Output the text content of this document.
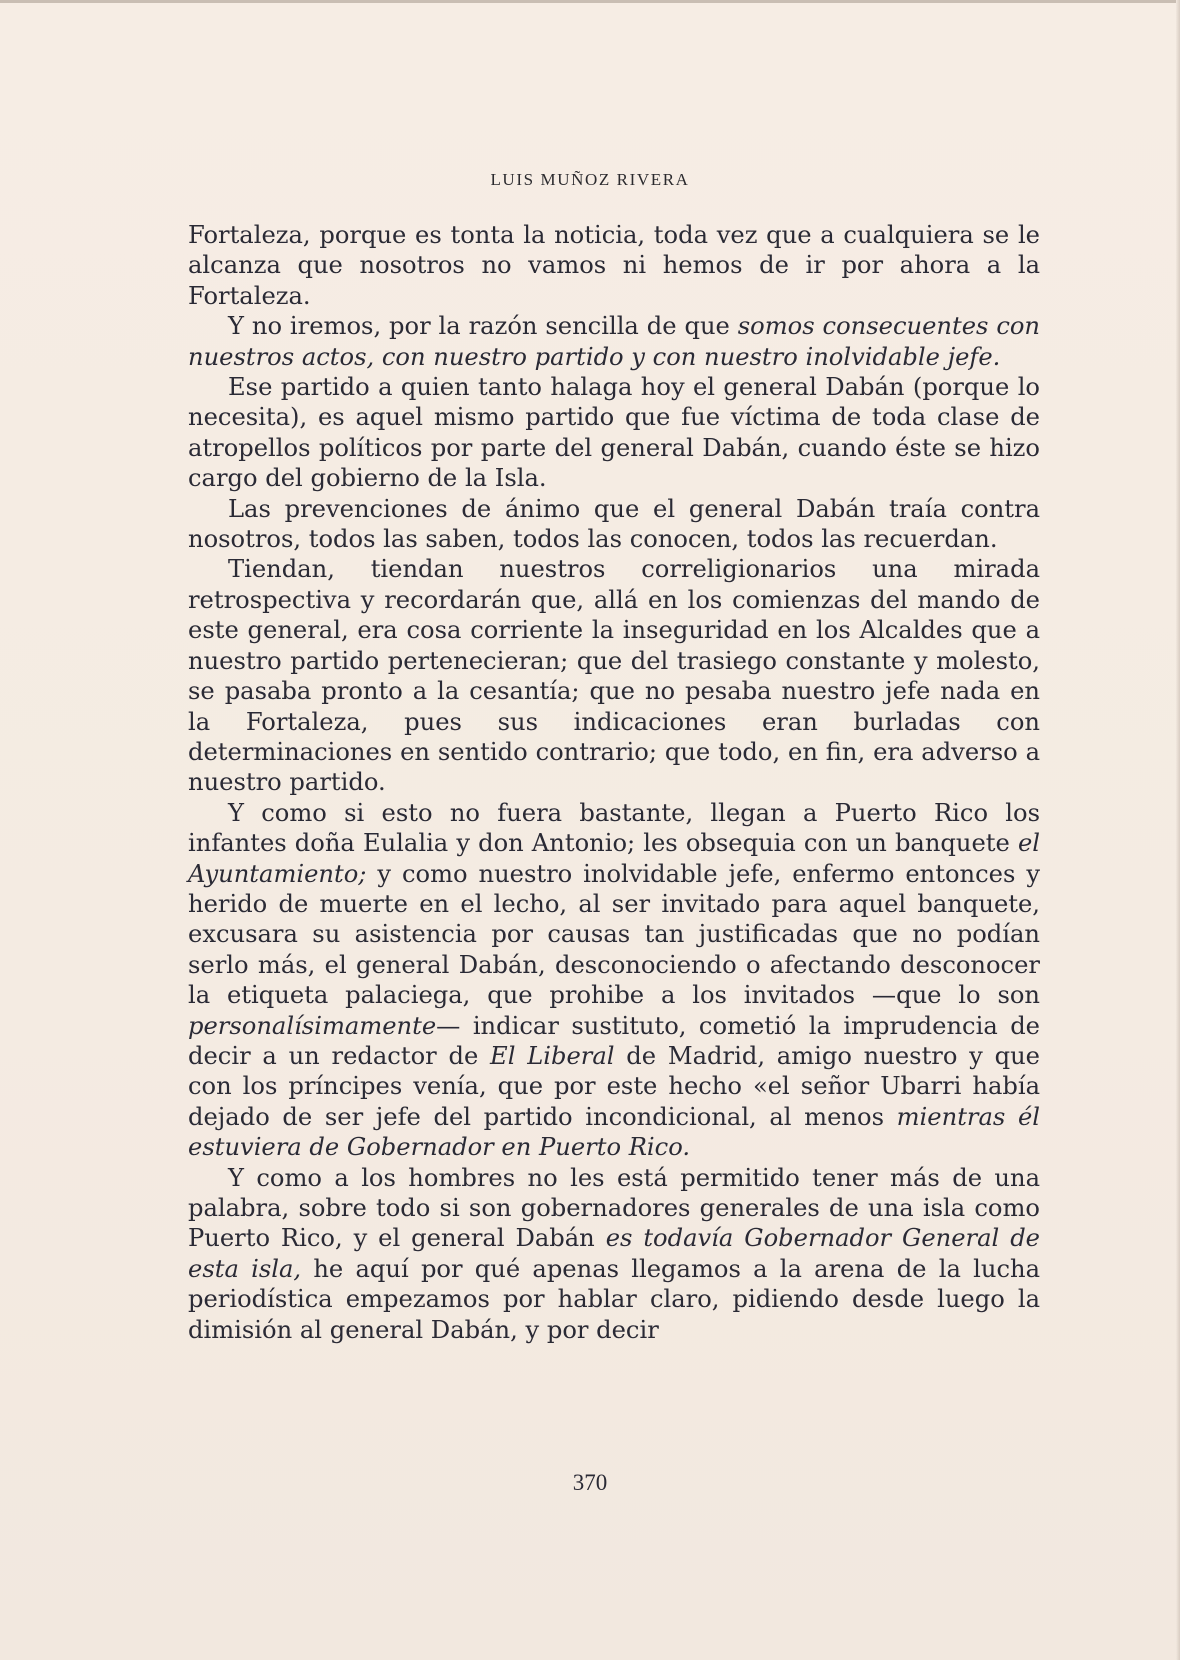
LUIS MUÑOZ RIVERA

Fortaleza, porque es tonta la noticia, toda vez que a cualquiera se le alcanza que nosotros no vamos ni hemos de ir por ahora a la Fortaleza.

Y no iremos, por la razón sencilla de que somos consecuentes con nuestros actos, con nuestro partido y con nuestro inolvidable jefe.

Ese partido a quien tanto halaga hoy el general Dabán (porque lo necesita), es aquel mismo partido que fue víctima de toda clase de atropellos políticos por parte del general Dabán, cuando éste se hizo cargo del gobierno de la Isla.

Las prevenciones de ánimo que el general Dabán traía contra nosotros, todos las saben, todos las conocen, todos las recuerdan.

Tiendan, tiendan nuestros correligionarios una mirada retrospectiva y recordarán que, allá en los comienzas del mando de este general, era cosa corriente la inseguridad en los Alcaldes que a nuestro partido pertenecieran; que del trasiego constante y molesto, se pasaba pronto a la cesantía; que no pesaba nuestro jefe nada en la Fortaleza, pues sus indicaciones eran burladas con determinaciones en sentido contrario; que todo, en fin, era adverso a nuestro partido.

Y como si esto no fuera bastante, llegan a Puerto Rico los infantes doña Eulalia y don Antonio; les obsequia con un banquete el Ayuntamiento; y como nuestro inolvidable jefe, enfermo entonces y herido de muerte en el lecho, al ser invitado para aquel banquete, excusara su asistencia por causas tan justificadas que no podían serlo más, el general Dabán, desconociendo o afectando desconocer la etiqueta palaciega, que prohibe a los invitados —que lo son personalísimamente— indicar sustituto, cometió la imprudencia de decir a un redactor de El Liberal de Madrid, amigo nuestro y que con los príncipes venía, que por este hecho «el señor Ubarri había dejado de ser jefe del partido incondicional, al menos mientras él estuviera de Gobernador en Puerto Rico.

Y como a los hombres no les está permitido tener más de una palabra, sobre todo si son gobernadores generales de una isla como Puerto Rico, y el general Dabán es todavía Gobernador General de esta isla, he aquí por qué apenas llegamos a la arena de la lucha periodística empezamos por hablar claro, pidiendo desde luego la dimisión al general Dabán, y por decir

370
